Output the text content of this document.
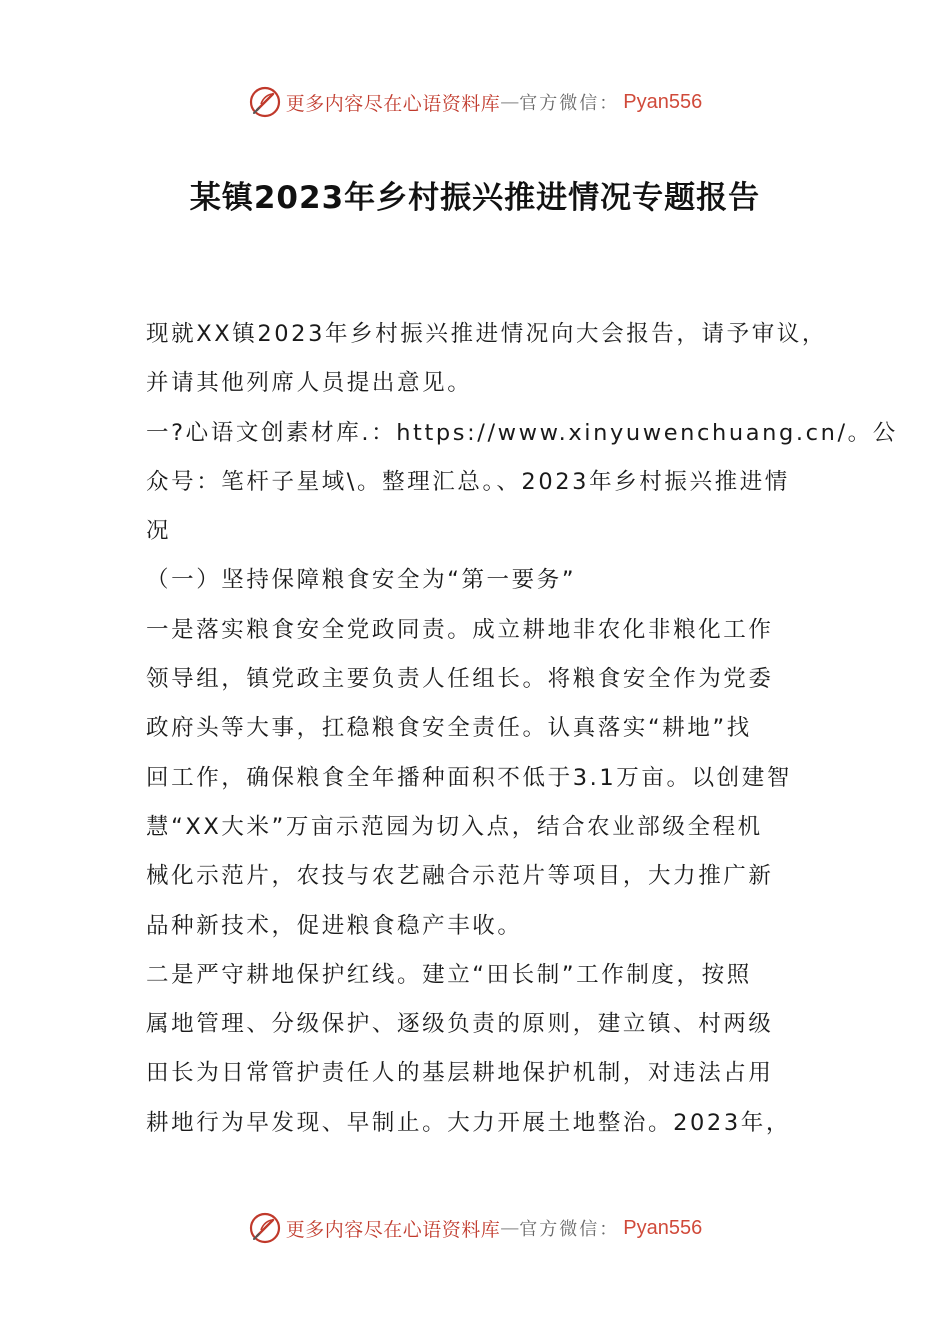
更多内容尽在心语资料库 — 官方微信： Pyan556
某镇2023年乡村振兴推进情况专题报告
现就XX镇2023年乡村振兴推进情况向大会报告，请予审议，
并请其他列席人员提出意见。
一?心语文创素材库.：https://www.xinyuwenchuang.cn/。公
众号：笔杆子星域\。整理汇总。、2023年乡村振兴推进情
况
（一）坚持保障粮食安全为“第一要务”
一是落实粮食安全党政同责。成立耕地非农化非粮化工作
领导组，镇党政主要负责人任组长。将粮食安全作为党委
政府头等大事，扛稳粮食安全责任。认真落实“耕地”找
回工作，确保粮食全年播种面积不低于3.1万亩。以创建智
慧“XX大米”万亩示范园为切入点，结合农业部级全程机
械化示范片，农技与农艺融合示范片等项目，大力推广新
品种新技术，促进粮食稳产丰收。
二是严守耕地保护红线。建立“田长制”工作制度，按照
属地管理、分级保护、逐级负责的原则，建立镇、村两级
田长为日常管护责任人的基层耕地保护机制，对违法占用
耕地行为早发现、早制止。大力开展土地整治。2023年，
更多内容尽在心语资料库 — 官方微信： Pyan556
